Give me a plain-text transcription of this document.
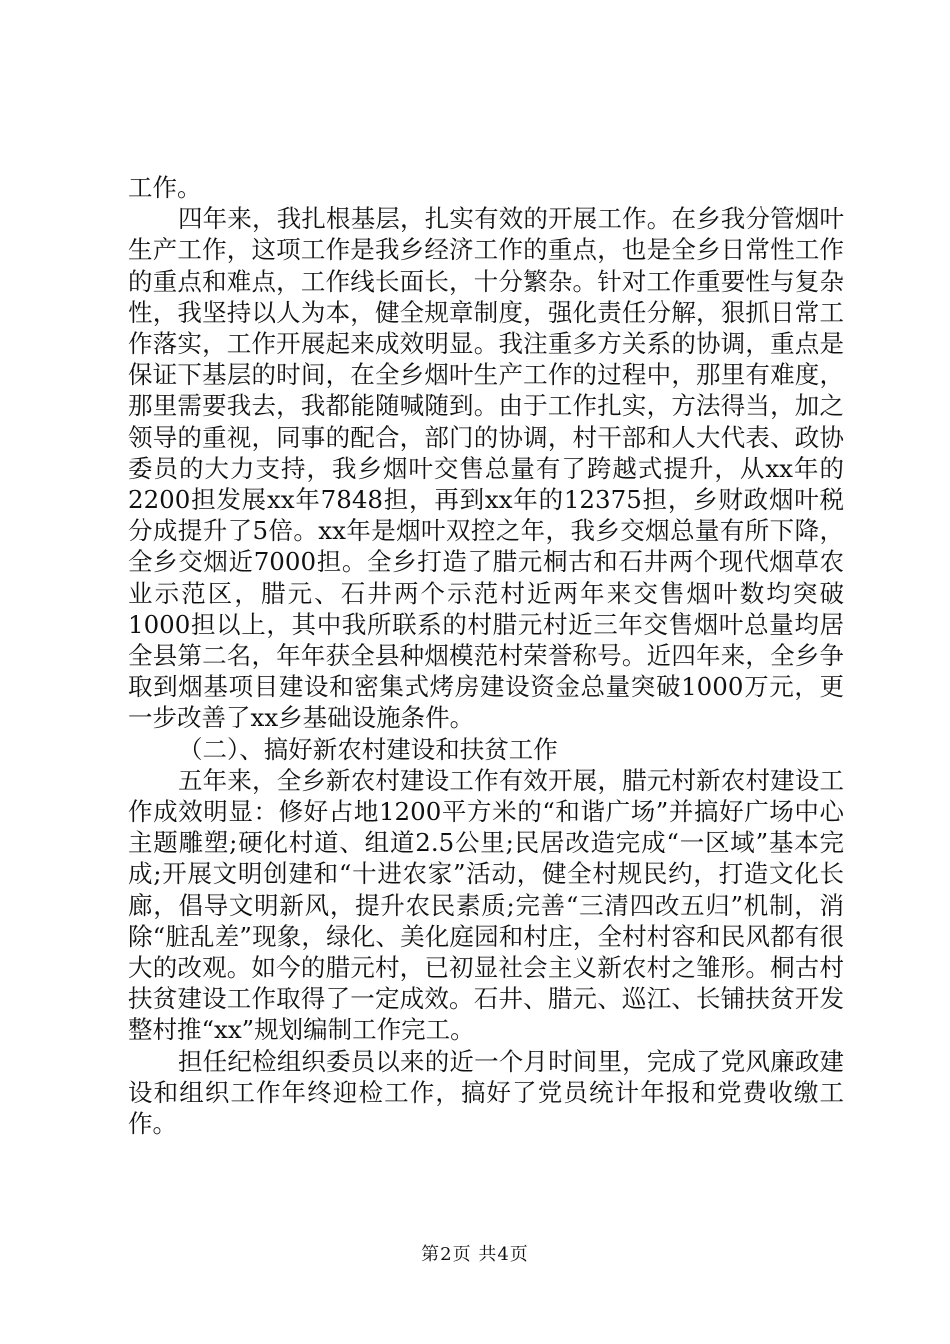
工作。

四年来，我扎根基层，扎实有效的开展工作。在乡我分管烟叶生产工作，这项工作是我乡经济工作的重点，也是全乡日常性工作的重点和难点，工作线长面长，十分繁杂。针对工作重要性与复杂性，我坚持以人为本，健全规章制度，强化责任分解，狠抓日常工作落实，工作开展起来成效明显。我注重多方关系的协调，重点是保证下基层的时间，在全乡烟叶生产工作的过程中，那里有难度，那里需要我去，我都能随喊随到。由于工作扎实，方法得当，加之领导的重视，同事的配合，部门的协调，村干部和人大代表、政协委员的大力支持，我乡烟叶交售总量有了跨越式提升，从xx年的2200担发展xx年7848担，再到xx年的12375担，乡财政烟叶税分成提升了5倍。xx年是烟叶双控之年，我乡交烟总量有所下降，全乡交烟近7000担。全乡打造了腊元桐古和石井两个现代烟草农业示范区，腊元、石井两个示范村近两年来交售烟叶数均突破1000担以上，其中我所联系的村腊元村近三年交售烟叶总量均居全县第二名，年年获全县种烟模范村荣誉称号。近四年来，全乡争取到烟基项目建设和密集式烤房建设资金总量突破1000万元，更一步改善了xx乡基础设施条件。

（二）、搞好新农村建设和扶贫工作

五年来，全乡新农村建设工作有效开展，腊元村新农村建设工作成效明显：修好占地1200平方米的“和谐广场”并搞好广场中心主题雕塑;硬化村道、组道2.5公里;民居改造完成“一区域”基本完成;开展文明创建和“十进农家”活动，健全村规民约，打造文化长廊，倡导文明新风，提升农民素质;完善“三清四改五归”机制，消除“脏乱差”现象，绿化、美化庭园和村庄，全村村容和民风都有很大的改观。如今的腊元村，已初显社会主义新农村之雏形。桐古村扶贫建设工作取得了一定成效。石井、腊元、巡江、长铺扶贫开发整村推“xx”规划编制工作完工。

担任纪检组织委员以来的近一个月时间里，完成了党风廉政建设和组织工作年终迎检工作，搞好了党员统计年报和党费收缴工作。

第2页 共4页
